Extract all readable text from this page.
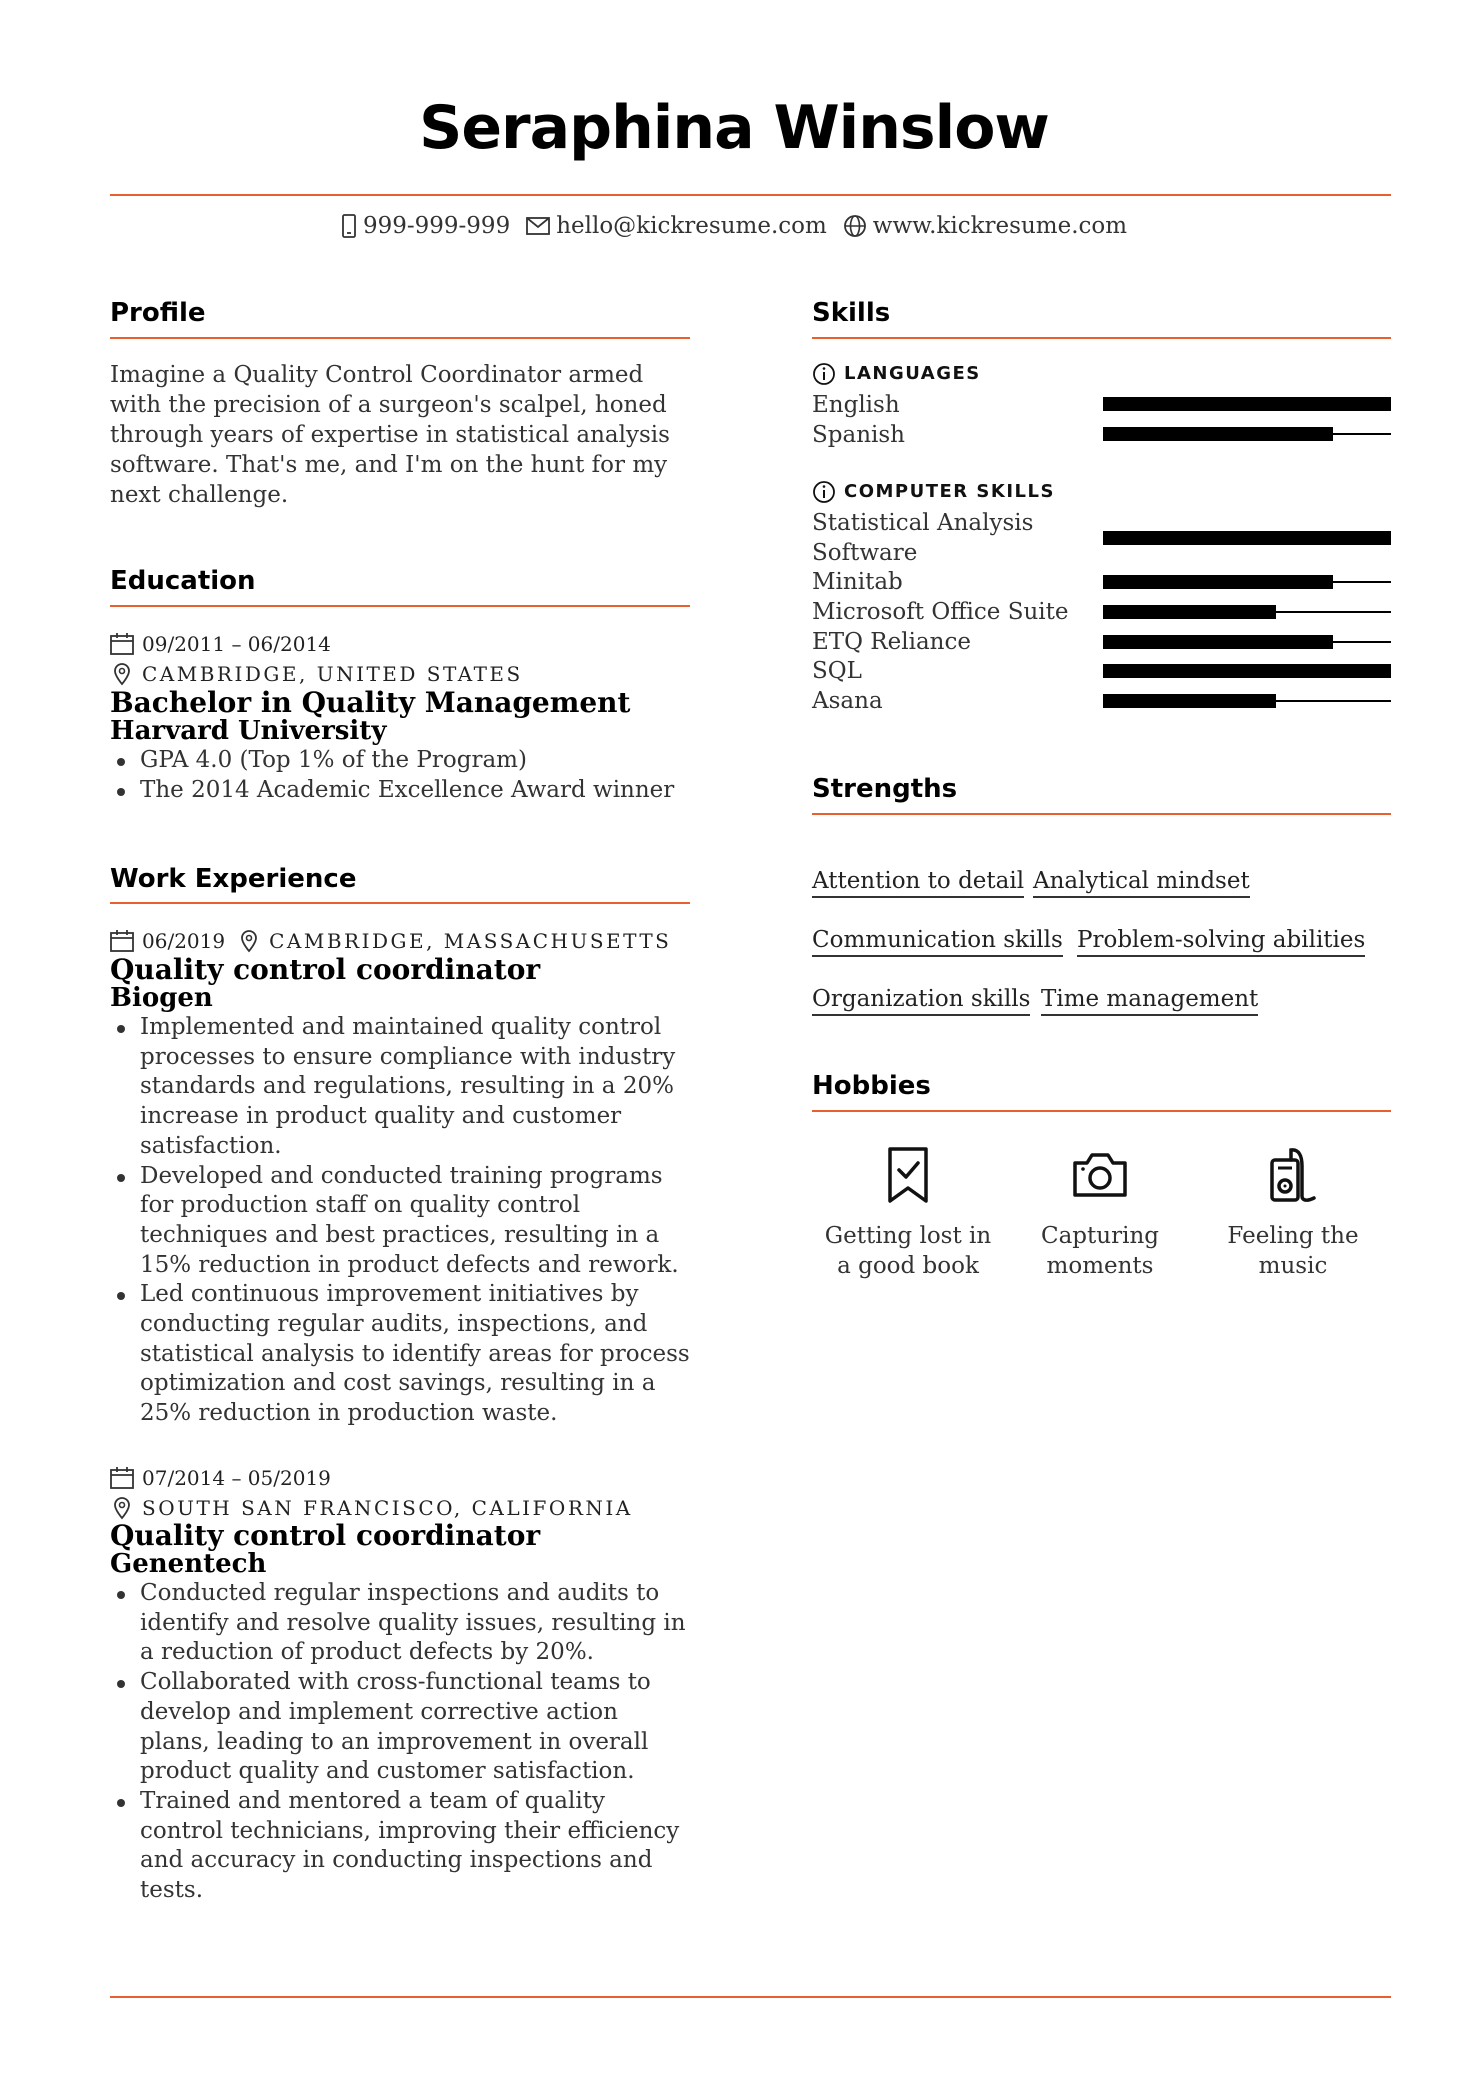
Seraphina Winslow
999-999-999 hello@kickresume.com www.kickresume.com
Profile
Imagine a Quality Control Coordinator armed with the precision of a surgeon's scalpel, honed through years of expertise in statistical analysis software. That's me, and I'm on the hunt for my next challenge.
Education
09/2011 – 06/2014
CAMBRIDGE, UNITED STATES
Bachelor in Quality Management
Harvard University
GPA 4.0 (Top 1% of the Program)
The 2014 Academic Excellence Award winner
Work Experience
06/2019 CAMBRIDGE, MASSACHUSETTS
Quality control coordinator
Biogen
Implemented and maintained quality control processes to ensure compliance with industry standards and regulations, resulting in a 20% increase in product quality and customer satisfaction.
Developed and conducted training programs for production staff on quality control techniques and best practices, resulting in a 15% reduction in product defects and rework.
Led continuous improvement initiatives by conducting regular audits, inspections, and statistical analysis to identify areas for process optimization and cost savings, resulting in a 25% reduction in production waste.
07/2014 – 05/2019
SOUTH SAN FRANCISCO, CALIFORNIA
Quality control coordinator
Genentech
Conducted regular inspections and audits to identify and resolve quality issues, resulting in a reduction of product defects by 20%.
Collaborated with cross-functional teams to develop and implement corrective action plans, leading to an improvement in overall product quality and customer satisfaction.
Trained and mentored a team of quality control technicians, improving their efficiency and accuracy in conducting inspections and tests.
Skills
LANGUAGES
English
Spanish
COMPUTER SKILLS
Statistical Analysis Software
Minitab
Microsoft Office Suite
ETQ Reliance
SQL
Asana
Strengths
Attention to detail Analytical mindset
Communication skills Problem-solving abilities
Organization skills Time management
Hobbies
Getting lost in a good book
Capturing moments
Feeling the music
